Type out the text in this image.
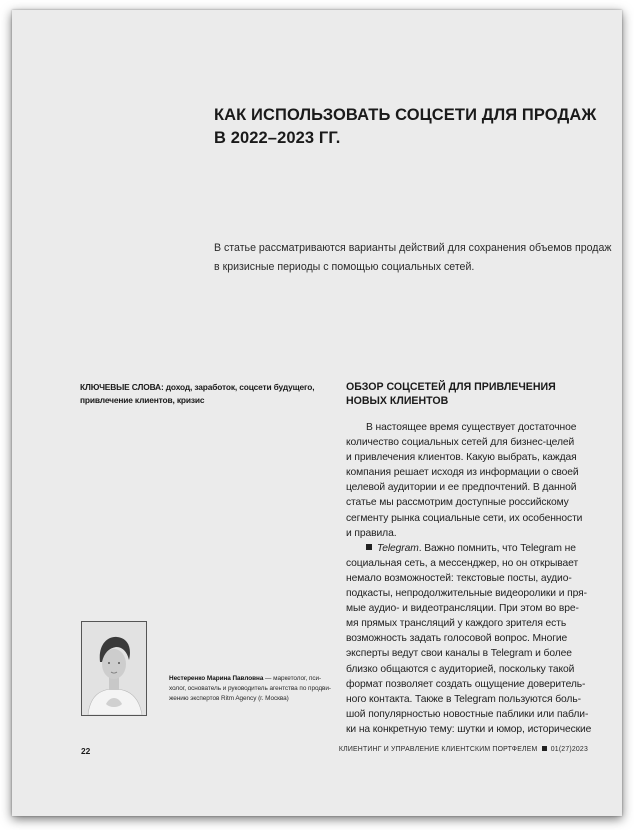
КАК ИСПОЛЬЗОВАТЬ СОЦСЕТИ ДЛЯ ПРОДАЖ
В 2022–2023 ГГ.
В статье рассматриваются варианты действий для сохранения объемов продаж
в кризисные периоды с помощью социальных сетей.
КЛЮЧЕВЫЕ СЛОВА: доход, заработок, соцсети будущего,
привлечение клиентов, кризис
ОБЗОР СОЦСЕТЕЙ ДЛЯ ПРИВЛЕЧЕНИЯ
НОВЫХ КЛИЕНТОВ
В настоящее время существует достаточное
количество социальных сетей для бизнес-целей
и привлечения клиентов. Какую выбрать, каждая
компания решает исходя из информации о своей
целевой аудитории и ее предпочтений. В данной
статье мы рассмотрим доступные российскому
сегменту рынка социальные сети, их особенности
и правила.
Telegram. Важно помнить, что Telegram не
социальная сеть, а мессенджер, но он открывает
немало возможностей: текстовые посты, аудио-
подкасты, непродолжительные видеоролики и пря-
мые аудио- и видеотрансляции. При этом во вре-
мя прямых трансляций у каждого зрителя есть
возможность задать голосовой вопрос. Многие
эксперты ведут свои каналы в Telegram и более
близко общаются с аудиторией, поскольку такой
формат позволяет создать ощущение доверитель-
ного контакта. Также в Telegram пользуются боль-
шой популярностью новостные паблики или пабли-
ки на конкретную тему: шутки и юмор, исторические
Нестеренко Марина Павловна — маркетолог, пси-
холог, основатель и руководитель агентства по продви-
жению экспертов Ritm Agency (г. Москва)
22	КЛИЕНТИНГ И УПРАВЛЕНИЕ КЛИЕНТСКИМ ПОРТФЕЛЕМ 01(27)2023
